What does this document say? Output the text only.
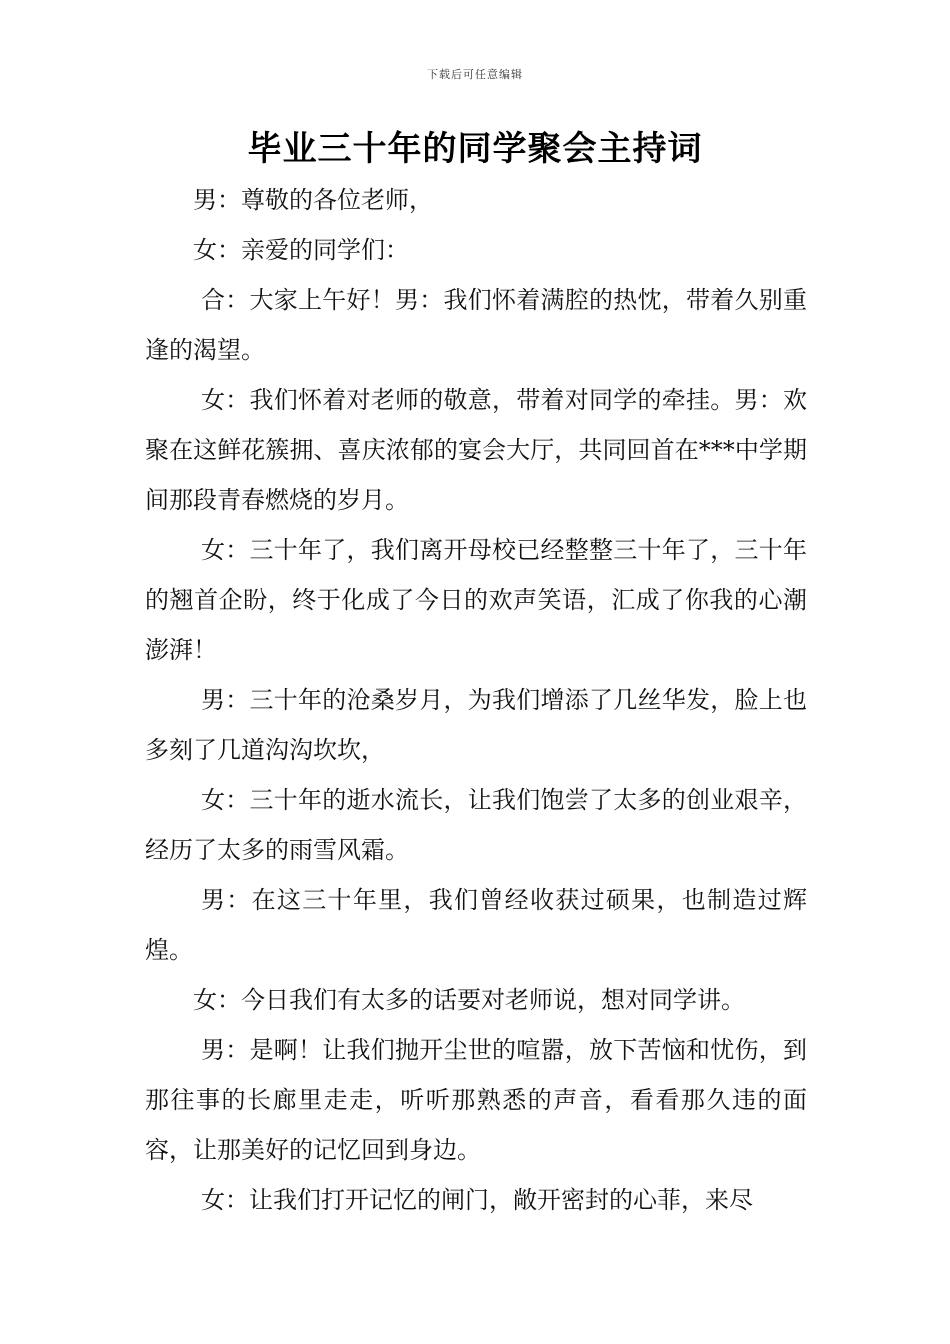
下载后可任意编辑
毕业三十年的同学聚会主持词

男：尊敬的各位老师，

女：亲爱的同学们：

合：大家上午好！男：我们怀着满腔的热忱，带着久别重逢的渴望。

女：我们怀着对老师的敬意，带着对同学的牵挂。男：欢聚在这鲜花簇拥、喜庆浓郁的宴会大厅，共同回首在***中学期间那段青春燃烧的岁月。

女：三十年了，我们离开母校已经整整三十年了，三十年的翘首企盼，终于化成了今日的欢声笑语，汇成了你我的心潮澎湃！

男：三十年的沧桑岁月，为我们增添了几丝华发，脸上也多刻了几道沟沟坎坎，

女：三十年的逝水流长，让我们饱尝了太多的创业艰辛，经历了太多的雨雪风霜。

男：在这三十年里，我们曾经收获过硕果，也制造过辉煌。

女：今日我们有太多的话要对老师说，想对同学讲。

男：是啊！让我们抛开尘世的喧嚣，放下苦恼和忧伤，到那往事的长廊里走走，听听那熟悉的声音，看看那久违的面容，让那美好的记忆回到身边。

女：让我们打开记忆的闸门，敞开密封的心菲，来尽
